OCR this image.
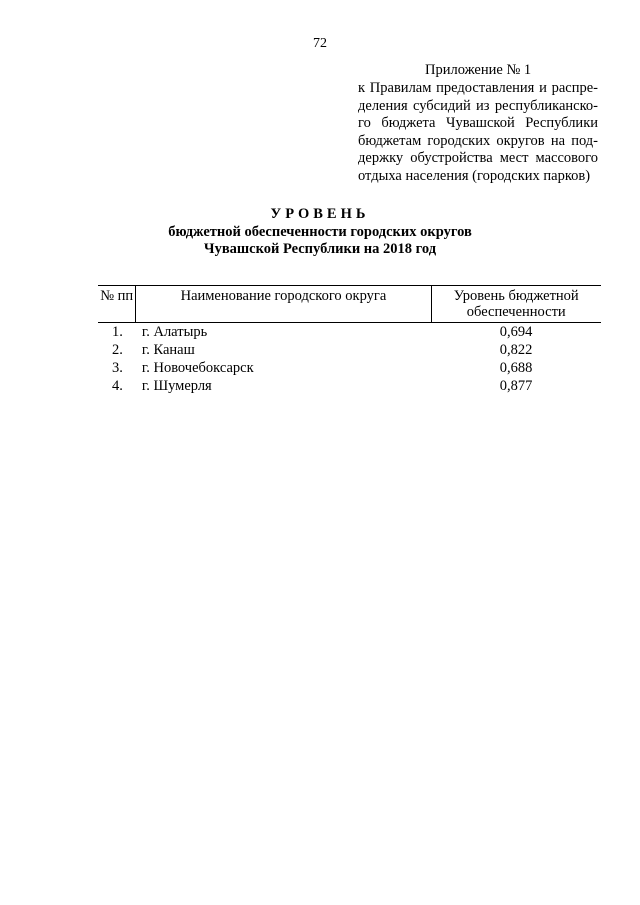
72
Приложение № 1
к Правилам предоставления и распре-деления субсидий из республиканско-го бюджета Чувашской Республики бюджетам городских округов на под-держку обустройства мест массового отдыха населения (городских парков)
УРОВЕНЬ
бюджетной обеспеченности городских округов
Чувашской Республики на 2018 год
№ пп	Наименование городского округа	Уровень бюджетной обеспеченности
1.	г. Алатырь	0,694
2.	г. Канаш	0,822
3.	г. Новочебоксарск	0,688
4.	г. Шумерля	0,877
